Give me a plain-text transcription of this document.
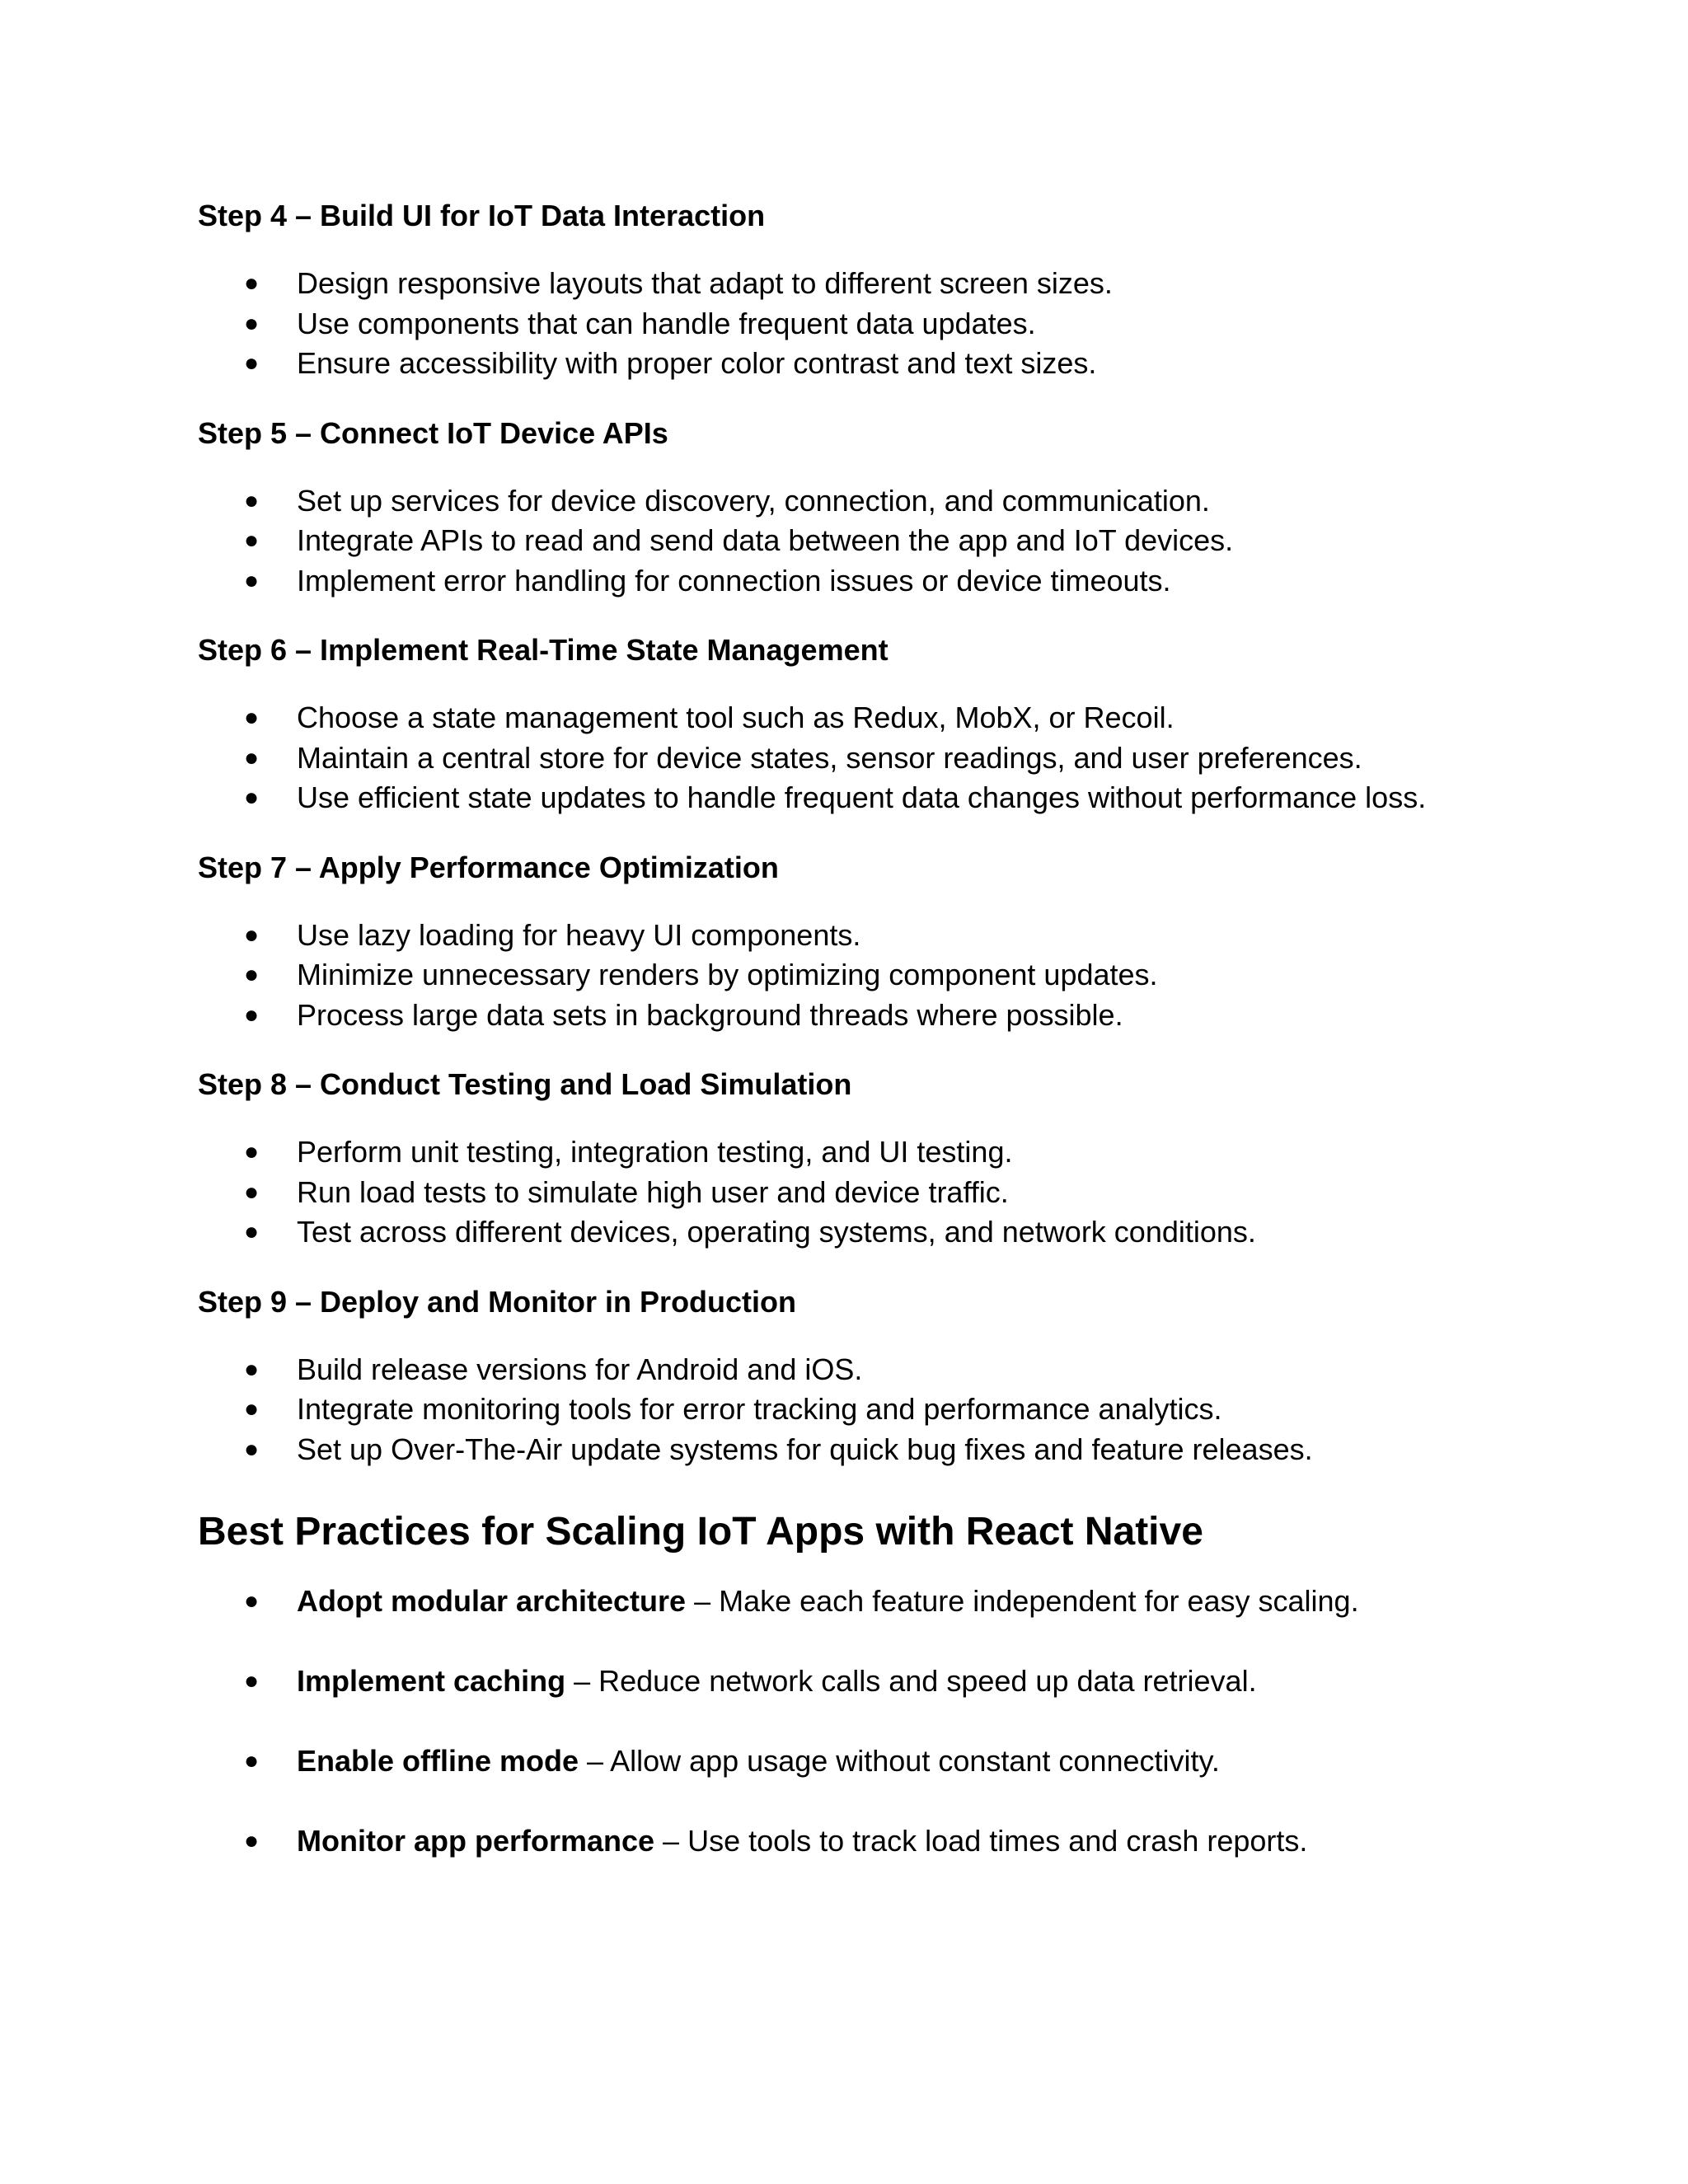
Step 4 – Build UI for IoT Data Interaction
● Design responsive layouts that adapt to different screen sizes.
● Use components that can handle frequent data updates.
● Ensure accessibility with proper color contrast and text sizes.
Step 5 – Connect IoT Device APIs
● Set up services for device discovery, connection, and communication.
● Integrate APIs to read and send data between the app and IoT devices.
● Implement error handling for connection issues or device timeouts.
Step 6 – Implement Real-Time State Management
● Choose a state management tool such as Redux, MobX, or Recoil.
● Maintain a central store for device states, sensor readings, and user preferences.
● Use efficient state updates to handle frequent data changes without performance loss.
Step 7 – Apply Performance Optimization
● Use lazy loading for heavy UI components.
● Minimize unnecessary renders by optimizing component updates.
● Process large data sets in background threads where possible.
Step 8 – Conduct Testing and Load Simulation
● Perform unit testing, integration testing, and UI testing.
● Run load tests to simulate high user and device traffic.
● Test across different devices, operating systems, and network conditions.
Step 9 – Deploy and Monitor in Production
● Build release versions for Android and iOS.
● Integrate monitoring tools for error tracking and performance analytics.
● Set up Over-The-Air update systems for quick bug fixes and feature releases.
Best Practices for Scaling IoT Apps with React Native
● Adopt modular architecture – Make each feature independent for easy scaling.
● Implement caching – Reduce network calls and speed up data retrieval.
● Enable offline mode – Allow app usage without constant connectivity.
● Monitor app performance – Use tools to track load times and crash reports.
